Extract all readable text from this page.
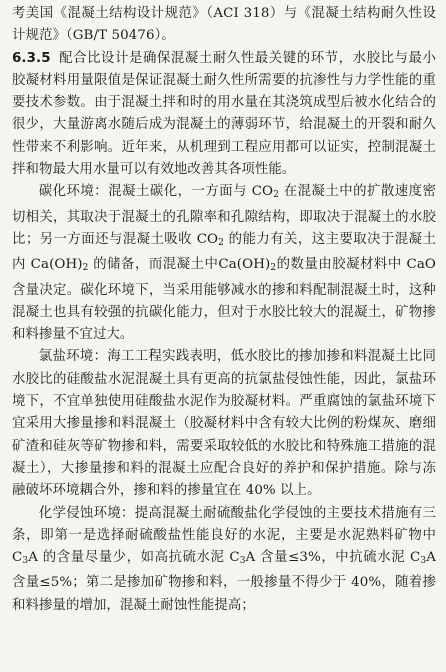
考美国《混凝土结构设计规范》（ACI 318）与《混凝土结构耐久性设计规范》（GB/T 50476）。

6.3.5 配合比设计是确保混凝土耐久性最关键的环节，水胶比与最小胶凝材料用量限值是保证混凝土耐久性所需要的抗渗性与力学性能的重要技术参数。由于混凝土拌和时的用水量在其浇筑成型后被水化结合的很少，大量游离水随后成为混凝土的薄弱环节，给混凝土的开裂和耐久性带来不利影响。近年来，从机理到工程应用都可以证实，控制混凝土拌和物最大用水量可以有效地改善其各项性能。

碳化环境：混凝土碳化，一方面与 $CO_2$ 在混凝土中的扩散速度密切相关，其取决于混凝土的孔隙率和孔隙结构，即取决于混凝土的水胶比；另一方面还与混凝土吸收 $CO_2$ 的能力有关，这主要取决于混凝土内 $Ca(OH)_2$ 的储备，而混凝土中$Ca(OH)_2$的数量由胶凝材料中 CaO 含量决定。碳化环境下，当采用能够减水的掺和料配制混凝土时，这种混凝土也具有较强的抗碳化能力，但对于水胶比较大的混凝土，矿物掺和料掺量不宜过大。

氯盐环境：海工工程实践表明，低水胶比的掺加掺和料混凝土比同水胶比的硅酸盐水泥混凝土具有更高的抗氯盐侵蚀性能，因此，氯盐环境下，不宜单独使用硅酸盐水泥作为胶凝材料。严重腐蚀的氯盐环境下宜采用大掺量掺和料混凝土（胶凝材料中含有较大比例的粉煤灰、磨细矿渣和硅灰等矿物掺和料，需要采取较低的水胶比和特殊施工措施的混凝土），大掺量掺和料的混凝土应配合良好的养护和保护措施。除与冻融破坏环境耦合外，掺和料的掺量宜在 40% 以上。

化学侵蚀环境：提高混凝土耐硫酸盐化学侵蚀的主要技术措施有三条，即第一是选择耐硫酸盐性能良好的水泥，主要是水泥熟料矿物中 $C_3A$ 的含量尽量少，如高抗硫水泥 $C_3A$ 含量≤3%，中抗硫水泥 $C_3A$ 含量≤5%；第二是掺加矿物掺和料，一般掺量不得少于 40%，随着掺和料掺量的增加，混凝土耐蚀性能提高；
